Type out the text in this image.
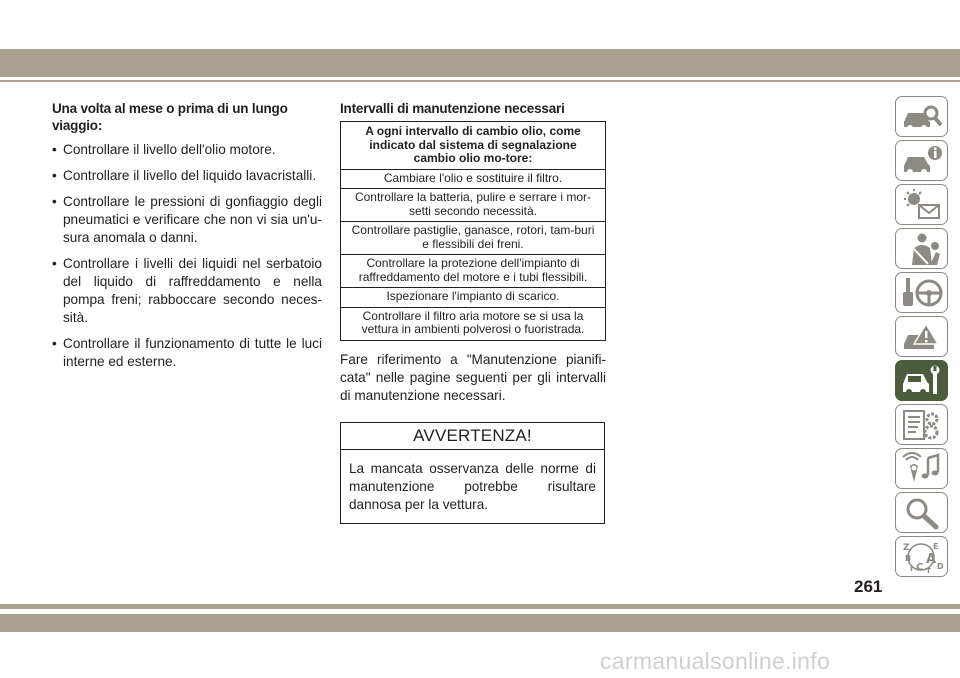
Una volta al mese o prima di un lungo viaggio:
• Controllare il livello dell'olio motore.
• Controllare il livello del liquido lavacristalli.
• Controllare le pressioni di gonfiaggio degli pneumatici e verificare che non vi sia un'u-sura anomala o danni.
• Controllare i livelli dei liquidi nel serbatoio del liquido di raffreddamento e nella pompa freni; rabboccare secondo neces-sità.
• Controllare il funzionamento di tutte le luci interne ed esterne.
Intervalli di manutenzione necessari
A ogni intervallo di cambio olio, come indicato dal sistema di segnalazione cambio olio mo-tore:
Cambiare l'olio e sostituire il filtro.
Controllare la batteria, pulire e serrare i mor-setti secondo necessità.
Controllare pastiglie, ganasce, rotori, tam-buri e flessibili dei freni.
Controllare la protezione dell'impianto di raffreddamento del motore e i tubi flessibili.
Ispezionare l'impianto di scarico.
Controllare il filtro aria motore se si usa la vettura in ambienti polverosi o fuoristrada.

Fare riferimento a "Manutenzione pianifi-cata" nelle pagine seguenti per gli intervalli di manutenzione necessari.

AVVERTENZA!
La mancata osservanza delle norme di manutenzione potrebbe risultare dannosa per la vettura.
Z	E
B A D
I C T
261
carmanualsonline.info
